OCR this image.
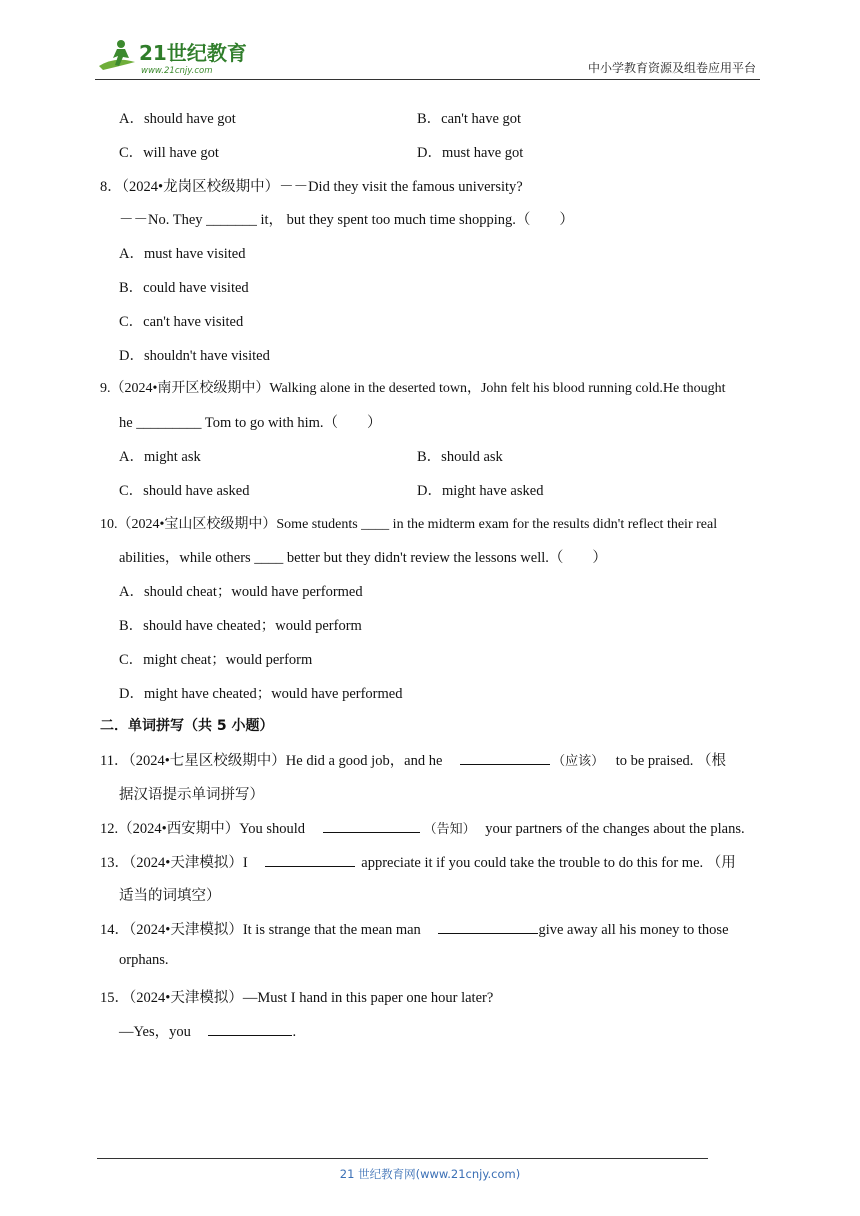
21世纪教育
www.21cnjy.com	中小学教育资源及组卷应用平台
A．should have got	B．can't have got
C．will have got	D．must have got
8．（2024•龙岗区校级期中）－－Did they visit the famous university?
－－No. They _______ it， but they spent too much time shopping.（　　）
A．must have visited
B．could have visited
C．can't have visited
D．shouldn't have visited
9.（2024•南开区校级期中）Walking alone in the deserted town，John felt his blood running cold.He thought
he _________ Tom to go with him.（　　）
A．might ask	B．should ask
C．should have asked	D．might have asked
10.（2024•宝山区校级期中）Some students ____ in the midterm exam for the results didn't reflect their real
abilities，while others ____ better but they didn't review the lessons well.（　　）
A．should cheat；would have performed
B．should have cheated；would perform
C．might cheat；would perform
D．might have cheated；would have performed
二．单词拼写（共 5 小题）
11．（2024•七星区校级期中）He did a good job，and he	（应该） to be praised. （根
据汉语提示单词拼写）
12.（2024•西安期中）You should	（告知） your partners of the changes about the plans.
13．（2024•天津模拟）I	appreciate it if you could take the trouble to do this for me. （用
适当的词填空）
14．（2024•天津模拟）It is strange that the mean man	give away all his money to those
orphans.
15．（2024•天津模拟）—Must I hand in this paper one hour later?
—Yes，you	.
21 世纪教育网(www.21cnjy.com)
